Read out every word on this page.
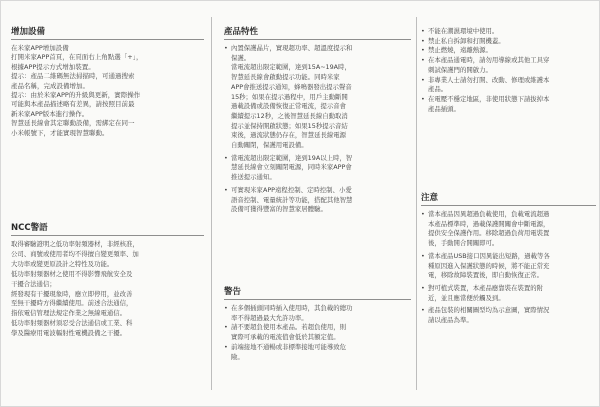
增加設備
在米家APP增加設備
打開米家APP首頁，在頁面右上角點選「+」，
根據APP提示方式增加裝置。
提示：產品二維碼無法掃描時，可通過搜索
產品名稱，完成設備增加。
提示：由於米家APP的升級與更新，實際操作
可能與本產品描述略有差異，請按照目前最
新米家APP版本進行操作。
智慧延長線會其定聯動設備，需綁定在同一
小米帳號下，才能實現智慧聯動。
NCC警語
取得審驗證明之低功率射頻器材，非經核准，
公司、商號或使用者均不得擅自變更頻率、加
大功率或變更原設計之特性及功能。
低功率射頻器材之使用不得影響飛航安全及
干擾合法通信；
經發現有干擾現象時，應立即停用，並改善
至無干擾時方得繼續使用。前述合法通信，
指依電信管理法規定作業之無線電通信。
低功率射頻器材須忍受合法通信或工業、科
學及醫療用電波輻射性電機設備之干擾。
產品特性
• 內置保護晶片，實現超功率、超溫度提示和
保護。
當電流超出限定範圍，達到15A~19A時，
智慧延長線會啟動提示功能。同時米家
APP會推送提示通知，蜂鳴器發出提示聲音
15秒；如果在提示過程中，用戶主動斷開
過載設備或設備恢復正常電流，提示音會
繼續提示12秒，之後智慧延長線自動取消
提示並保持開啟狀態；如果15秒提示音結
束後，過流狀態仍存在，智慧延長線電源
自動關閉，保護用電設備。
• 當電流超出限定範圍，達到19A以上時，智
慧延長線會立刻關閉電源，同時米家APP會
推送提示通知。
• 可實現米家APP遠程控制、定時控制、小愛
語音控制、電量統計等功能，搭配其他智慧
設備可獲得豐富的智慧家居體驗。
警告
• 在多個插頭同時插入使用時，其負載的總功
率不得超過最大允許功率。
• 請不要超負使用本產品。若超負使用，則
實際可承載的電流值會低於其額定值。
• 前端接地不通暢或非標準接地可能導致危
險。
• 不能在潮濕環境中使用。
• 禁止私自拆卸和打開機蓋。
• 禁止燃燒，遠離熱源。
• 在本產品通電時，請勿用導線或其他工具穿
刺試保護門的開啟力。
• 非專業人士請勿打開、改動、修理或維護本
產品。
• 在電壓不穩定地區，非使用狀態下請拔掉本
產品插頭。
注意
• 當本產品因異超過負載使用，負載電流超過
本產品標準時，過載保護開關會中斷電源，
提供安全保護作用。移除超過負荷用電裝置
後，手動開合開關即可。
• 當本產品USB接口因異能出短路，過載等各
種原因進入保護狀態的時候，將不能正常充
電，移除故障裝置後，即自動恢復正常。
• 對可植式裝置，本產品應靠裝在裝置的附
近，並且應當便於觸及到。
• 產品包裝的相關圖型均為示意圖，實際情況
請以產品為準。
